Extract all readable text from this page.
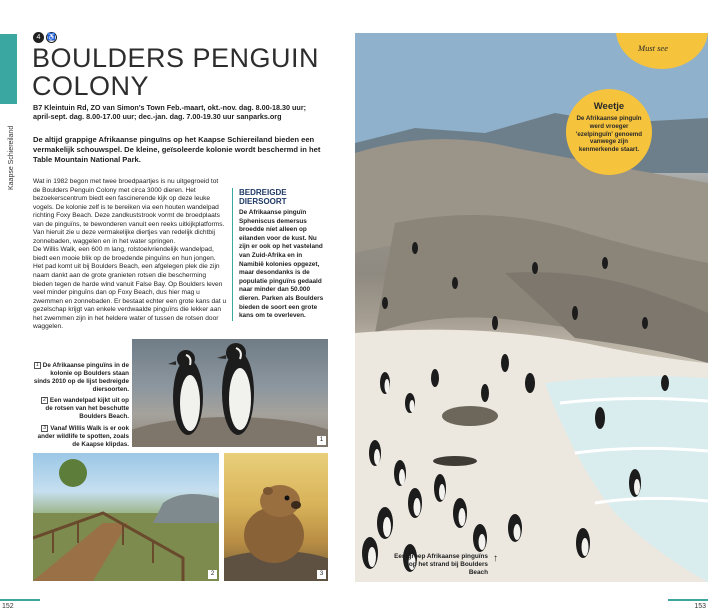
Kaapse Schiereiland
4 ♿
BOULDERS PENGUIN COLONY
B7 Kleintuin Rd, ZO van Simon's Town Feb.-maart, okt.-nov. dag. 8.00-18.30 uur; april-sept. dag. 8.00-17.00 uur; dec.-jan. dag. 7.00-19.30 uur sanparks.org

De altijd grappige Afrikaanse pinguïns op het Kaapse Schiereiland bieden een vermakelijk schouwspel. De kleine, geïsoleerde kolonie wordt beschermd in het Table Mountain National Park.

Wat in 1982 begon met twee broedpaartjes is nu uitgegroeid tot de Boulders Penguin Colony met circa 3000 dieren. Het bezoekerscentrum biedt een fascinerende kijk op deze leuke vogels. De kolonie zelf is te bereiken via een houten wandelpad richting Foxy Beach. Deze zandkuststrook vormt de broedplaats van de pinguïns, te bewonderen vanuit een reeks uitkijkplatforms. Van hieruit zie u deze vermakelijke diertjes van redelijk dichtbij zonnebaden, waggelen en in het water springen.

De Willis Walk, een 600 m lang, rolstoelvriendelijk wandelpad, biedt een mooie blik op de broedende pinguïns en hun jongen. Het pad komt uit bij Boulders Beach, een afgelegen plek die zijn naam dankt aan de grote granieten rotsen die bescherming bieden tegen de harde wind vanuit False Bay. Op Boulders leven veel minder pinguïns dan op Foxy Beach, dus hier mag u zwemmen en zonnebaden. Er bestaat echter een grote kans dat u gezelschap krijgt van enkele verdwaalde pinguïns die lekker aan het zwemmen zijn in het heldere water of tussen de rotsen door waggelen.

BEDREIGDE DIERSOORT
De Afrikaanse pinguïn Spheniscus demersus broedde níet alleen op eilanden voor de kust. Nu zijn er ook op het vasteland van Zuid-Afrika en in Namibië kolonies opgezet, maar desondanks is de populatie pinguïns gedaald naar minder dan 50.000 dieren. Parken als Boulders bieden de soort een grote kans om te overleven.
1 De Afrikaanse pinguïns in de kolonie op Boulders staan sinds 2010 op de lijst bedreigde diersoorten.
2 Een wandelpad kijkt uit op de rotsen van het beschutte Boulders Beach.
3 Vanaf Willis Walk is er ook ander wildlife te spotten, zoals de Kaapse klipdas.
1
2	3
152
Must see
Weetje
De Afrikaanse pinguïn werd vroeger 'ezelpinguïn' genoemd vanwege zijn kenmerkende staart.
Een groep Afrikaanse pinguïns op het strand bij Boulders Beach
↑
153
